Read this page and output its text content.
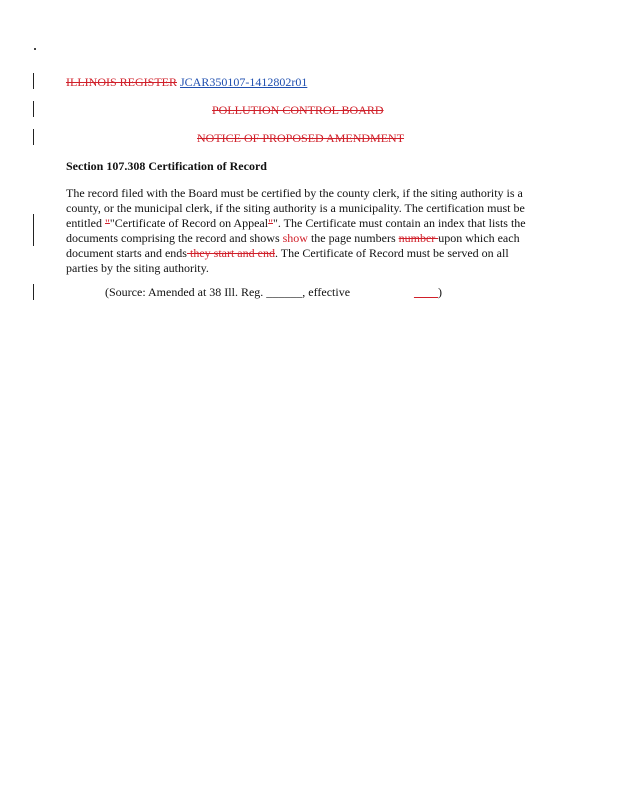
ILLINOIS REGISTER JCAR350107-1412802r01
POLLUTION CONTROL BOARD
NOTICE OF PROPOSED AMENDMENT
Section 107.308 Certification of Record
The record filed with the Board must be certified by the county clerk, if the siting authority is a
county, or the municipal clerk, if the siting authority is a municipality. The certification must be
entitled ""Certificate of Record on Appeal"". The Certificate must contain an index that lists the
documents comprising the record and shows show the page numbers number upon which each
document starts and ends they start and end. The Certificate of Record must be served on all
parties by the siting authority.
(Source: Amended at 38 Ill. Reg. ______, effective	____)
